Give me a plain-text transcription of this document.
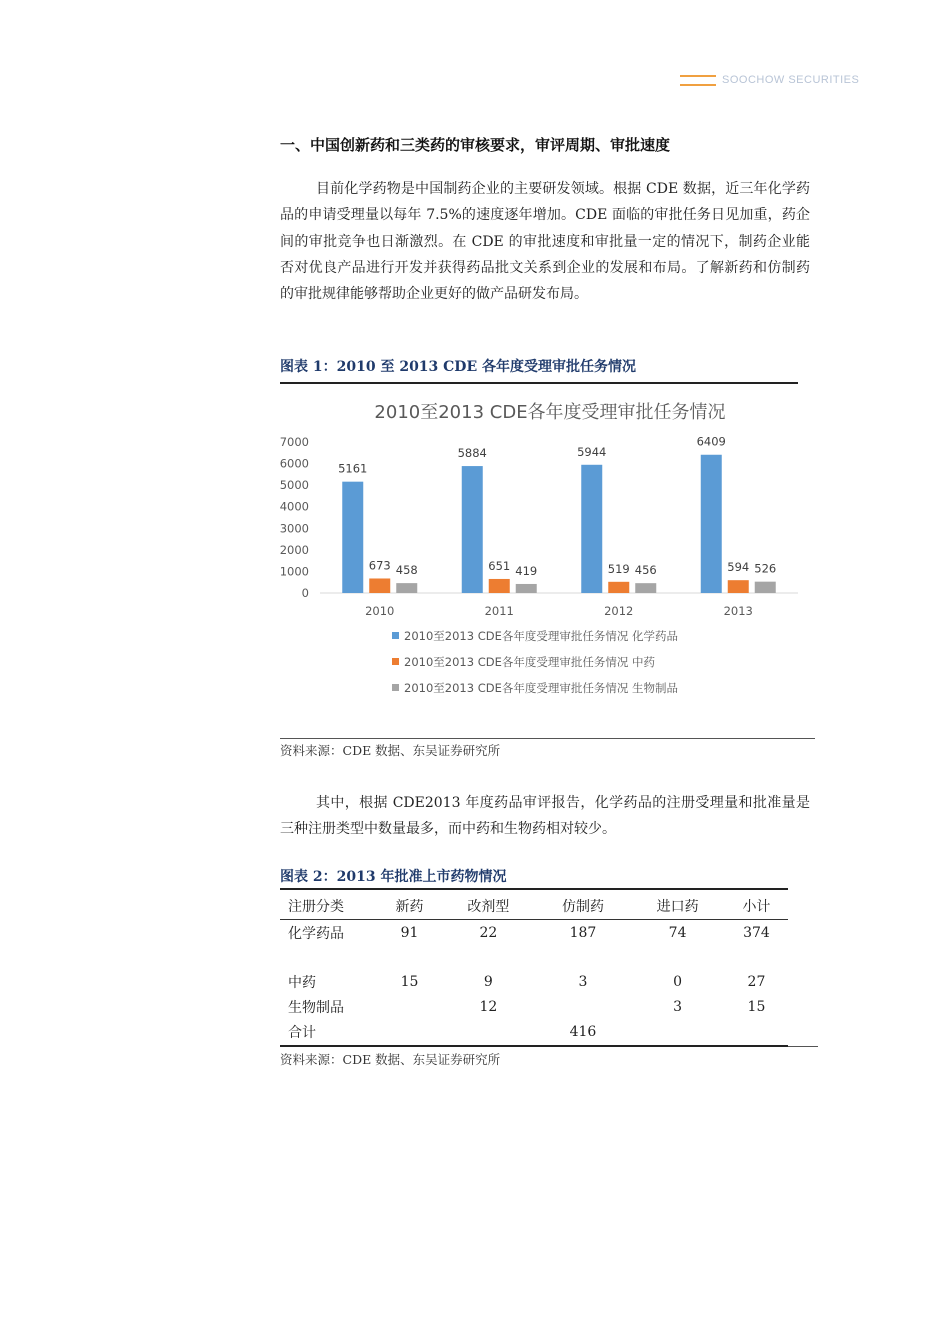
SOOCHOW SECURITIES
一、中国创新药和三类药的审核要求，审评周期、审批速度
目前化学药物是中国制药企业的主要研发领域。根据 CDE 数据，近三年化学药品的申请受理量以每年 7.5%的速度逐年增加。CDE 面临的审批任务日见加重，药企间的审批竞争也日渐激烈。在 CDE 的审批速度和审批量一定的情况下，制药企业能否对优良产品进行开发并获得药品批文关系到企业的发展和布局。了解新药和仿制药的审批规律能够帮助企业更好的做产品研发布局。
图表 1：2010 至 2013 CDE 各年度受理审批任务情况
2010至2013 CDE各年度受理审批任务情况
0
1000
2000
3000
4000
5000
6000
7000
5161
673 458
2010
5884
651 419
2011
5944
519 456
2012
6409
594 526
2013
2010至2013 CDE各年度受理审批任务情况 化学药品
2010至2013 CDE各年度受理审批任务情况 中药
2010至2013 CDE各年度受理审批任务情况 生物制品
资料来源：CDE 数据、东吴证券研究所
其中，根据 CDE2013 年度药品审评报告，化学药品的注册受理量和批准量是三种注册类型中数量最多，而中药和生物药相对较少。
图表 2：2013 年批准上市药物情况
注册分类	新药	改剂型	仿制药	进口药	小计
化学药品	91	22	187	74	374

中药	15	9	3	0	27
生物制品		12		3	15
合计			416		
资料来源：CDE 数据、东吴证券研究所
